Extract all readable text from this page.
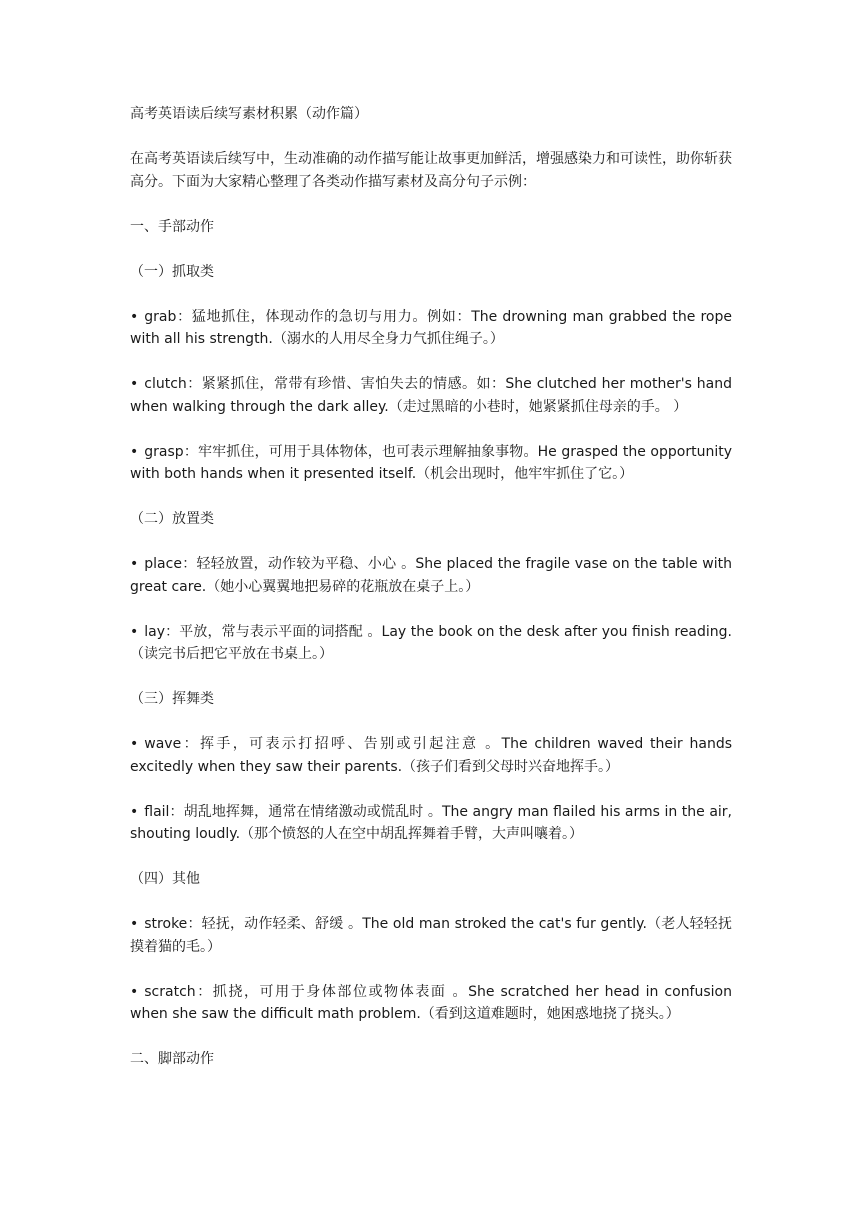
高考英语读后续写素材积累（动作篇）

在高考英语读后续写中，生动准确的动作描写能让故事更加鲜活，增强感染力和可读性，助你斩获高分。下面为大家精心整理了各类动作描写素材及高分句子示例：

一、手部动作

（一）抓取类

• grab：猛地抓住，体现动作的急切与用力。例如：The drowning man grabbed the rope with all his strength.（溺水的人用尽全身力气抓住绳子。）

• clutch：紧紧抓住，常带有珍惜、害怕失去的情感。如：She clutched her mother's hand when walking through the dark alley.（走过黑暗的小巷时，她紧紧抓住母亲的手。 ）

• grasp：牢牢抓住，可用于具体物体，也可表示理解抽象事物。He grasped the opportunity with both hands when it presented itself.（机会出现时，他牢牢抓住了它。）

（二）放置类

• place：轻轻放置，动作较为平稳、小心 。She placed the fragile vase on the table with great care.（她小心翼翼地把易碎的花瓶放在桌子上。）

• lay：平放，常与表示平面的词搭配 。Lay the book on the desk after you finish reading.（读完书后把它平放在书桌上。）

（三）挥舞类

• wave：挥手，可表示打招呼、告别或引起注意 。The children waved their hands excitedly when they saw their parents.（孩子们看到父母时兴奋地挥手。）

• flail：胡乱地挥舞，通常在情绪激动或慌乱时 。The angry man flailed his arms in the air, shouting loudly.（那个愤怒的人在空中胡乱挥舞着手臂，大声叫嚷着。）

（四）其他

• stroke：轻抚，动作轻柔、舒缓 。The old man stroked the cat's fur gently.（老人轻轻抚摸着猫的毛。）

• scratch：抓挠，可用于身体部位或物体表面 。She scratched her head in confusion when she saw the difficult math problem.（看到这道难题时，她困惑地挠了挠头。）

二、脚部动作
